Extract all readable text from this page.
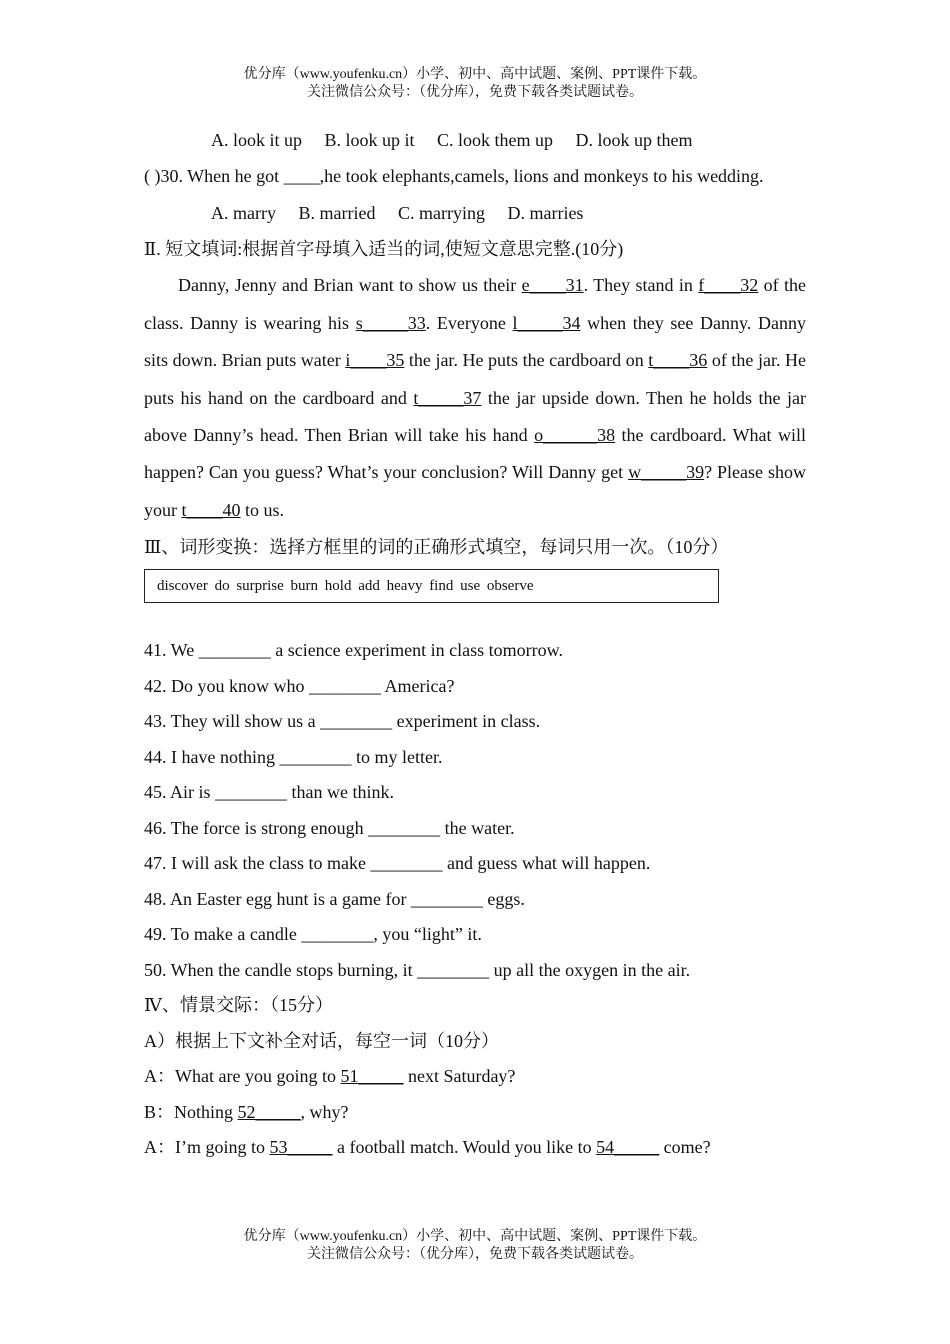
优分库（www.youfenku.cn）小学、初中、高中试题、案例、PPT课件下载。
关注微信公众号：（优分库），免费下载各类试题试卷。
A. look it up B. look up it C. look them up D. look up them
( )30. When he got ____,he took elephants,camels, lions and monkeys to his wedding.
A. marry B. married C. marrying D. marries
Ⅱ. 短文填词:根据首字母填入适当的词,使短文意思完整.(10分)
Danny, Jenny and Brian want to show us their e____31. They stand in f____32 of the class. Danny is wearing his s_____33. Everyone l_____34 when they see Danny. Danny sits down. Brian puts water i____35 the jar. He puts the cardboard on t____36 of the jar. He puts his hand on the cardboard and t_____37 the jar upside down. Then he holds the jar above Danny’s head. Then Brian will take his hand o______38 the cardboard. What will happen? Can you guess? What’s your conclusion? Will Danny get w_____39? Please show your t____40 to us.
Ⅲ、词形变换：选择方框里的词的正确形式填空，每词只用一次。（10分）
discover do surprise burn hold add heavy find use observe
41. We ________ a science experiment in class tomorrow.
42. Do you know who ________ America?
43. They will show us a ________ experiment in class.
44. I have nothing ________ to my letter.
45. Air is ________ than we think.
46. The force is strong enough ________ the water.
47. I will ask the class to make ________ and guess what will happen.
48. An Easter egg hunt is a game for ________ eggs.
49. To make a candle ________, you “light” it.
50. When the candle stops burning, it ________ up all the oxygen in the air.
Ⅳ、情景交际：（15分）
A）根据上下文补全对话，每空一词（10分）
A：What are you going to 51_____ next Saturday?
B：Nothing 52_____, why?
A：I’m going to 53_____ a football match. Would you like to 54_____ come?
优分库（www.youfenku.cn）小学、初中、高中试题、案例、PPT课件下载。
关注微信公众号：（优分库），免费下载各类试题试卷。
